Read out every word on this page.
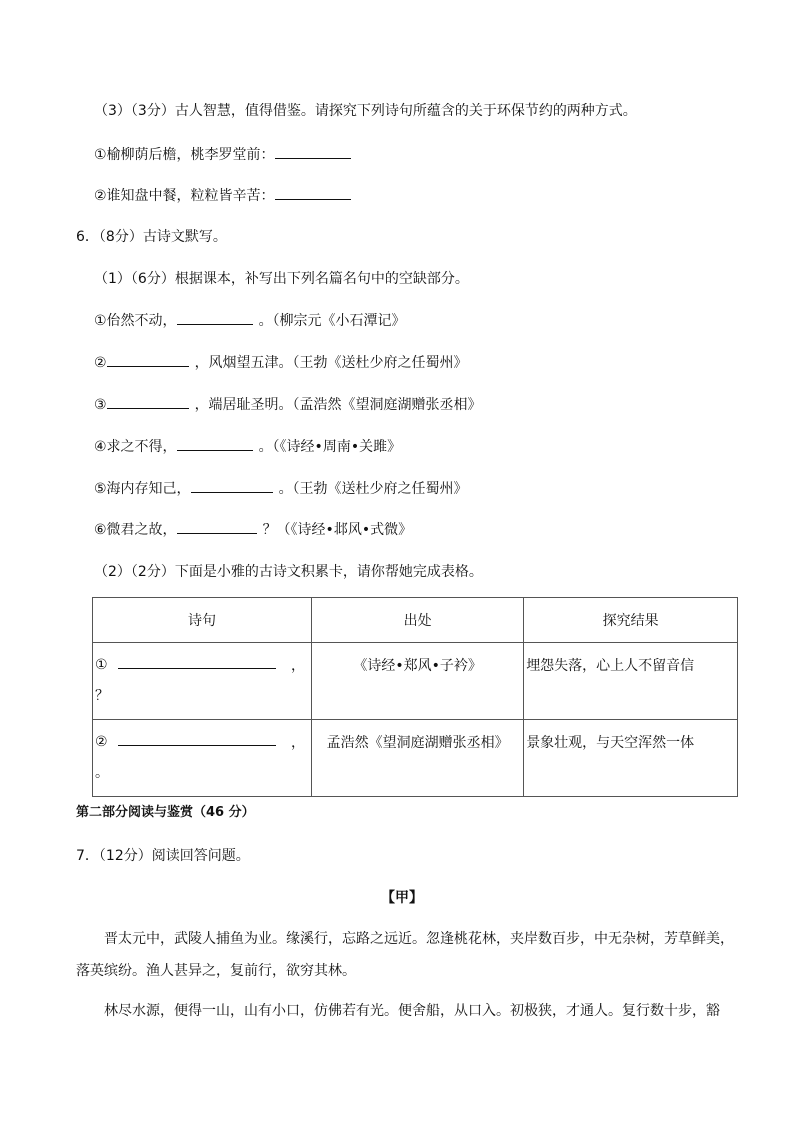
（3）（3分）古人智慧，值得借鉴。请探究下列诗句所蕴含的关于环保节约的两种方式。
①榆柳荫后檐，桃李罗堂前：
②谁知盘中餐，粒粒皆辛苦：
6．（8分）古诗文默写。
（1）（6分）根据课本，补写出下列名篇名句中的空缺部分。
①佁然不动，	。（柳宗元《小石潭记》
②	，风烟望五津。（王勃《送杜少府之任蜀州》
③	，端居耻圣明。（孟浩然《望洞庭湖赠张丞相》
④求之不得，	。（《诗经•周南•关雎》
⑤海内存知己，	。（王勃《送杜少府之任蜀州》
⑥微君之故，	？（《诗经•邶风•式微》
（2）（2分）下面是小雅的古诗文积累卡，请你帮她完成表格。
诗句	出处	探究结果

① ，
？	《诗经•郑风•子衿》	埋怨失落，心上人不留音信

② ，
。	孟浩然《望洞庭湖赠张丞相》	景象壮观，与天空浑然一体
第二部分阅读与鉴赏（46 分）
7．（12分）阅读回答问题。
【甲】
晋太元中，武陵人捕鱼为业。缘溪行，忘路之远近。忽逢桃花林，夹岸数百步，中无杂树，芳草鲜美，
落英缤纷。渔人甚异之，复前行，欲穷其林。
林尽水源，便得一山，山有小口，仿佛若有光。便舍船，从口入。初极狭，才通人。复行数十步，豁
